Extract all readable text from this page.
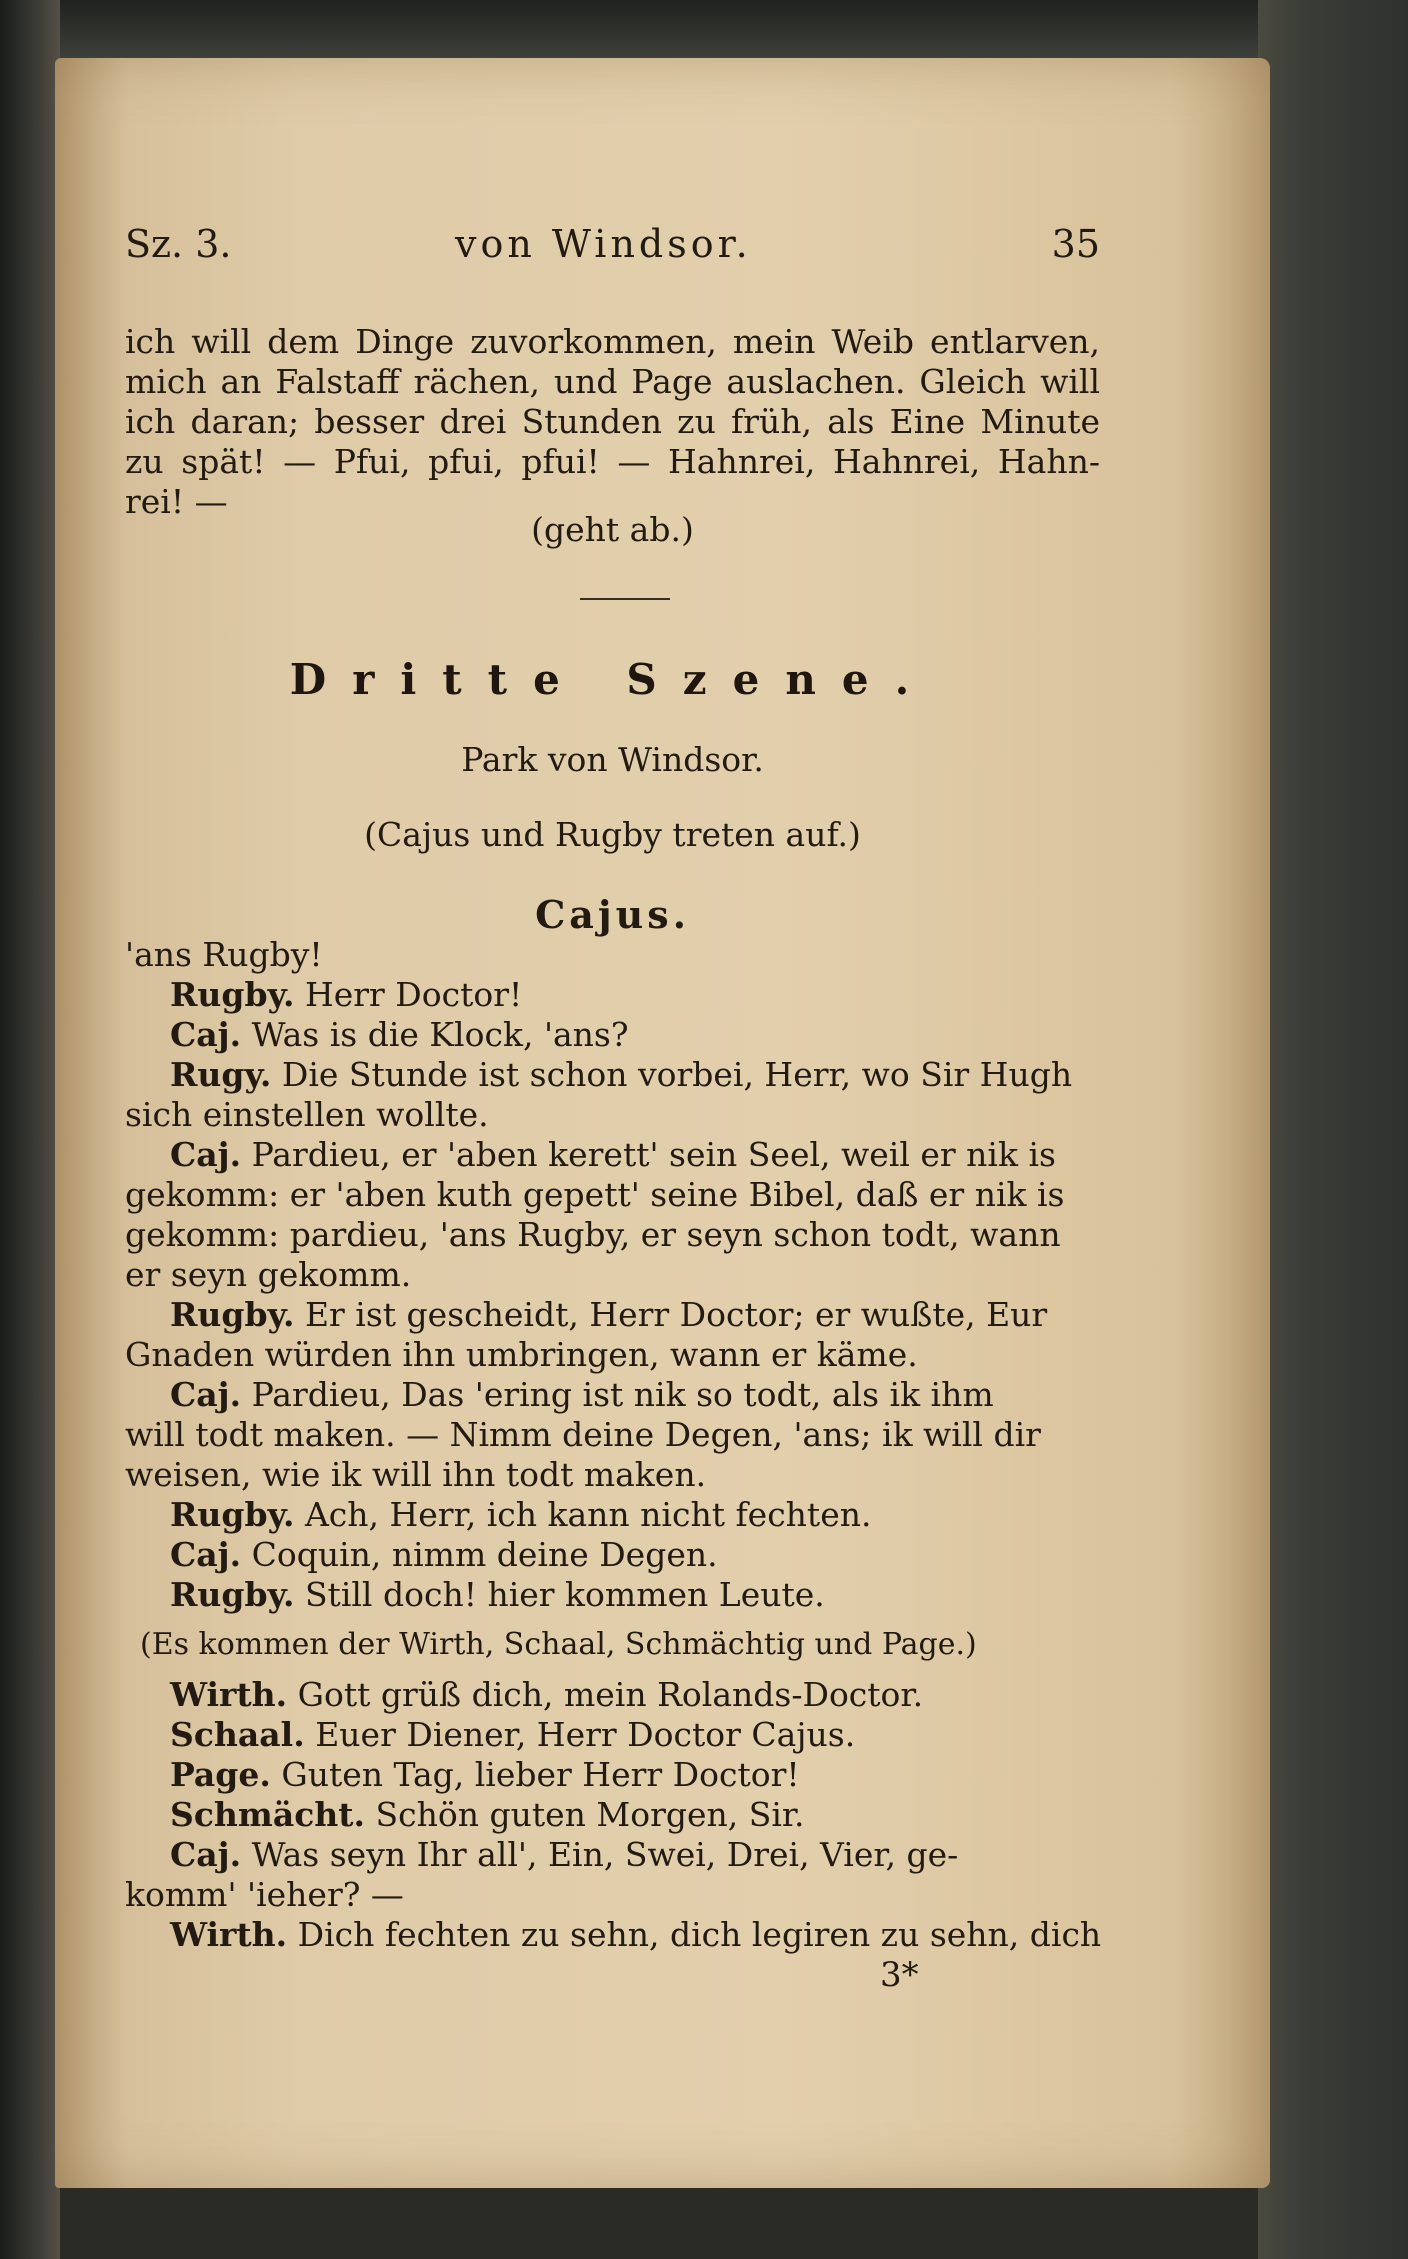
Sz. 3.	von Windsor.	35
ich will dem Dinge zuvorkommen, mein Weib entlarven,
mich an Falstaff rächen, und Page auslachen. Gleich will
ich daran; besser drei Stunden zu früh, als Eine Minute
zu spät! — Pfui, pfui, pfui! — Hahnrei, Hahnrei, Hahn-
rei! —
(geht ab.)
Dritte Szene.
Park von Windsor.
(Cajus und Rugby treten auf.)
Cajus.
'ans Rugby!
Rugby. Herr Doctor!
Caj. Was is die Klock, 'ans?
Rugy. Die Stunde ist schon vorbei, Herr, wo Sir Hugh
sich einstellen wollte.
Caj. Pardieu, er 'aben kerett' sein Seel, weil er nik is
gekomm: er 'aben kuth gepett' seine Bibel, daß er nik is
gekomm: pardieu, 'ans Rugby, er seyn schon todt, wann
er seyn gekomm.
Rugby. Er ist gescheidt, Herr Doctor; er wußte, Eur
Gnaden würden ihn umbringen, wann er käme.
Caj. Pardieu, Das 'ering ist nik so todt, als ik ihm
will todt maken. — Nimm deine Degen, 'ans; ik will dir
weisen, wie ik will ihn todt maken.
Rugby. Ach, Herr, ich kann nicht fechten.
Caj. Coquin, nimm deine Degen.
Rugby. Still doch! hier kommen Leute.
(Es kommen der Wirth, Schaal, Schmächtig und Page.)
Wirth. Gott grüß dich, mein Rolands-Doctor.
Schaal. Euer Diener, Herr Doctor Cajus.
Page. Guten Tag, lieber Herr Doctor!
Schmächt. Schön guten Morgen, Sir.
Caj. Was seyn Ihr all', Ein, Swei, Drei, Vier, ge-
komm' 'ieher? —
Wirth. Dich fechten zu sehn, dich legiren zu sehn, dich
3*
